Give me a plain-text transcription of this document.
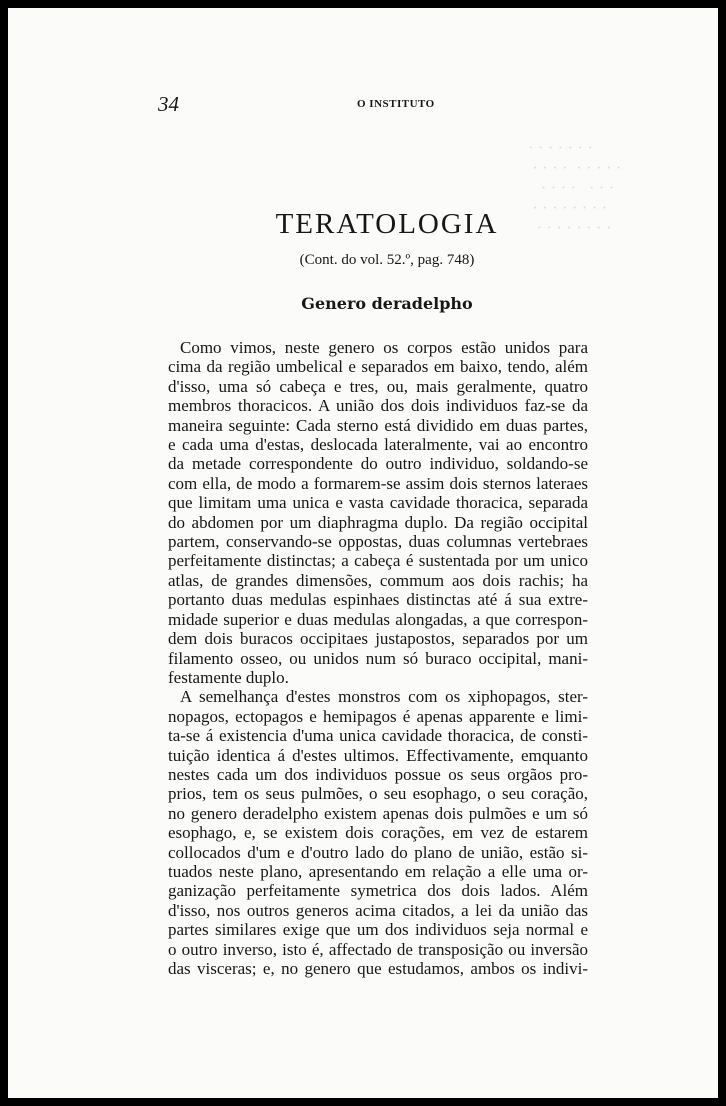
· · · · · · ·
· · · ·  · · · · ·
· · · ·   · · ·
· · · · · · · ·
· · · · · · · ·
34	O INSTITUTO
TERATOLOGIA
(Cont. do vol. 52.º, pag. 748)
Genero deradelpho
Como vimos, neste genero os corpos estão unidos para
cima da região umbelical e separados em baixo, tendo, além
d'isso, uma só cabeça e tres, ou, mais geralmente, quatro
membros thoracicos. A união dos dois individuos faz-se da
maneira seguinte: Cada sterno está dividido em duas partes,
e cada uma d'estas, deslocada lateralmente, vai ao encontro
da metade correspondente do outro individuo, soldando-se
com ella, de modo a formarem-se assim dois sternos lateraes
que limitam uma unica e vasta cavidade thoracica, separada
do abdomen por um diaphragma duplo. Da região occipital
partem, conservando-se oppostas, duas columnas vertebraes
perfeitamente distinctas; a cabeça é sustentada por um unico
atlas, de grandes dimensões, commum aos dois rachis; ha
portanto duas medulas espinhaes distinctas até á sua extre-
midade superior e duas medulas alongadas, a que correspon-
dem dois buracos occipitaes justapostos, separados por um
filamento osseo, ou unidos num só buraco occipital, mani-
festamente duplo.
A semelhança d'estes monstros com os xiphopagos, ster-
nopagos, ectopagos e hemipagos é apenas apparente e limi-
ta-se á existencia d'uma unica cavidade thoracica, de consti-
tuição identica á d'estes ultimos. Effectivamente, emquanto
nestes cada um dos individuos possue os seus orgãos pro-
prios, tem os seus pulmões, o seu esophago, o seu coração,
no genero deradelpho existem apenas dois pulmões e um só
esophago, e, se existem dois corações, em vez de estarem
collocados d'um e d'outro lado do plano de união, estão si-
tuados neste plano, apresentando em relação a elle uma or-
ganização perfeitamente symetrica dos dois lados. Além
d'isso, nos outros generos acima citados, a lei da união das
partes similares exige que um dos individuos seja normal e
o outro inverso, isto é, affectado de transposição ou inversão
das visceras; e, no genero que estudamos, ambos os indivi-
